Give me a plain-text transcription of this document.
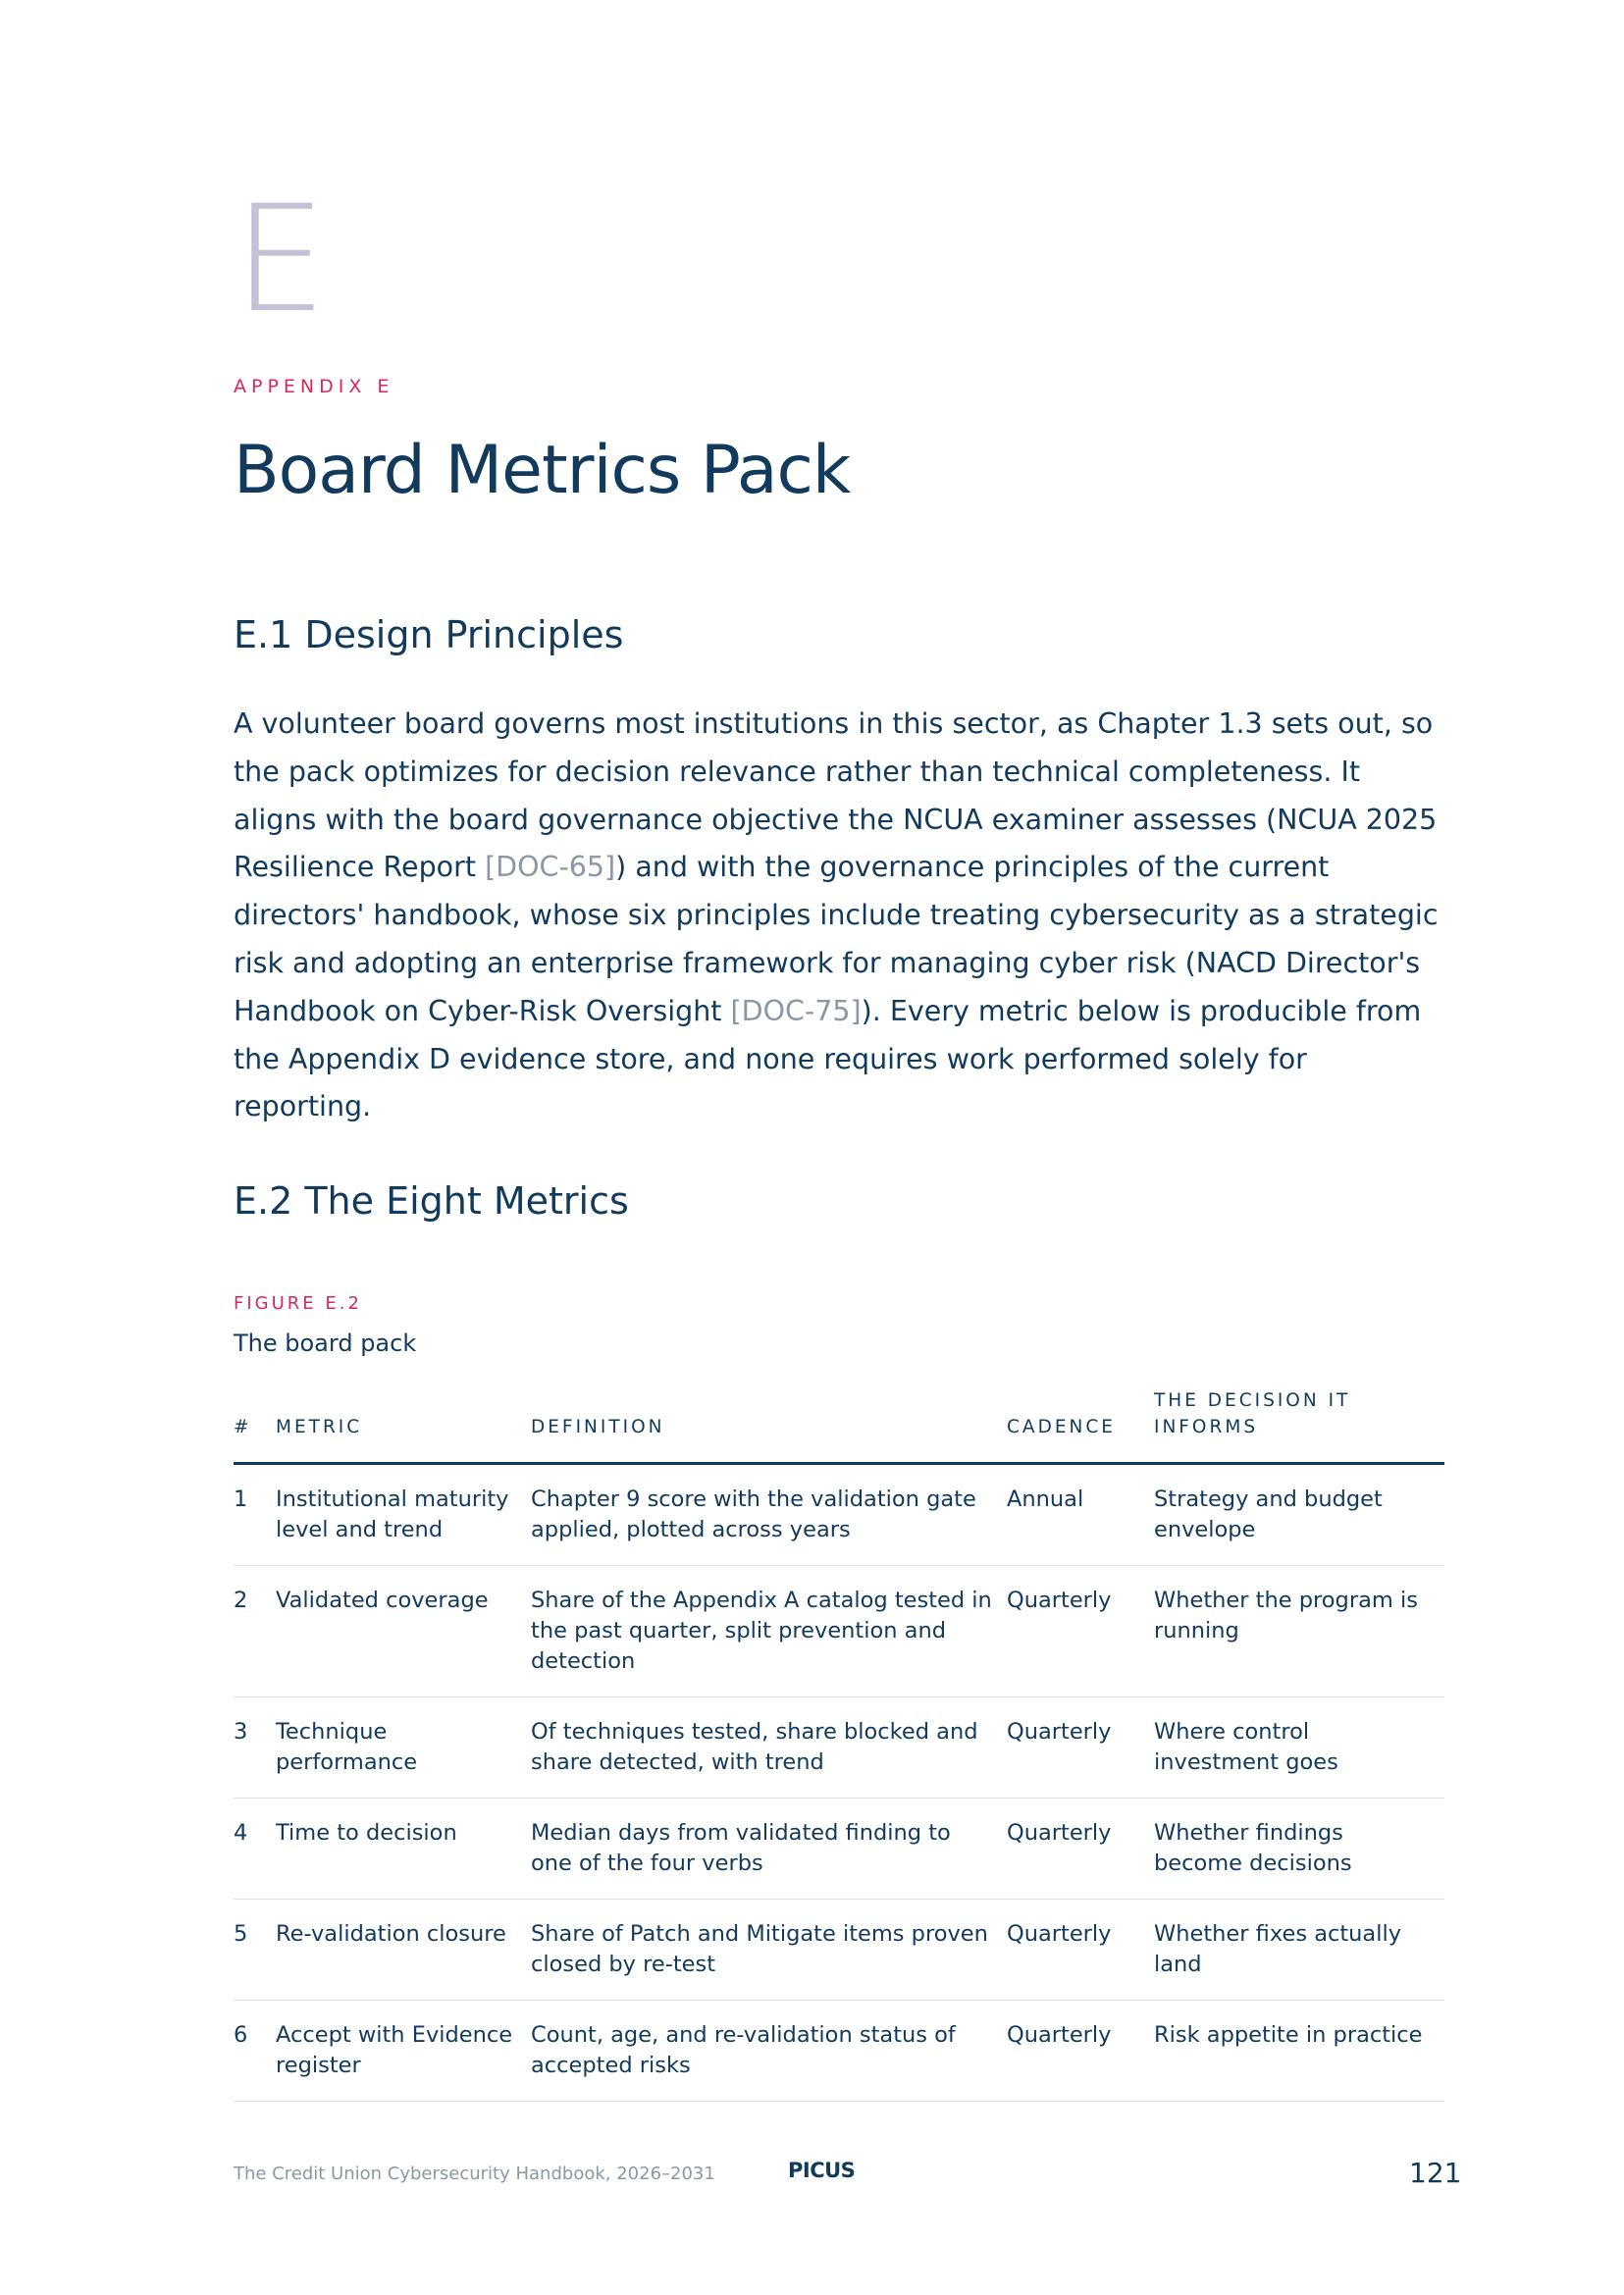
E
APPENDIX E
Board Metrics Pack
E.1 Design Principles

A volunteer board governs most institutions in this sector, as Chapter 1.3 sets out, so the pack optimizes for decision relevance rather than technical completeness. It aligns with the board governance objective the NCUA examiner assesses (NCUA 2025 Resilience Report [DOC-65]) and with the governance principles of the current directors' handbook, whose six principles include treating cybersecurity as a strategic risk and adopting an enterprise framework for managing cyber risk (NACD Director's Handbook on Cyber-Risk Oversight [DOC-75]). Every metric below is producible from the Appendix D evidence store, and none requires work performed solely for reporting.

E.2 The Eight Metrics
FIGURE E.2
The board pack
#	METRIC	DEFINITION	CADENCE	THE DECISION IT INFORMS
1	Institutional maturity level and trend	Chapter 9 score with the validation gate applied, plotted across years	Annual	Strategy and budget envelope
2	Validated coverage	Share of the Appendix A catalog tested in the past quarter, split prevention and detection	Quarterly	Whether the program is running
3	Technique performance	Of techniques tested, share blocked and share detected, with trend	Quarterly	Where control investment goes
4	Time to decision	Median days from validated finding to one of the four verbs	Quarterly	Whether findings become decisions
5	Re-validation closure	Share of Patch and Mitigate items proven closed by re-test	Quarterly	Whether fixes actually land
6	Accept with Evidence register	Count, age, and re-validation status of accepted risks	Quarterly	Risk appetite in practice
The Credit Union Cybersecurity Handbook, 2026–2031	PICUS	121
